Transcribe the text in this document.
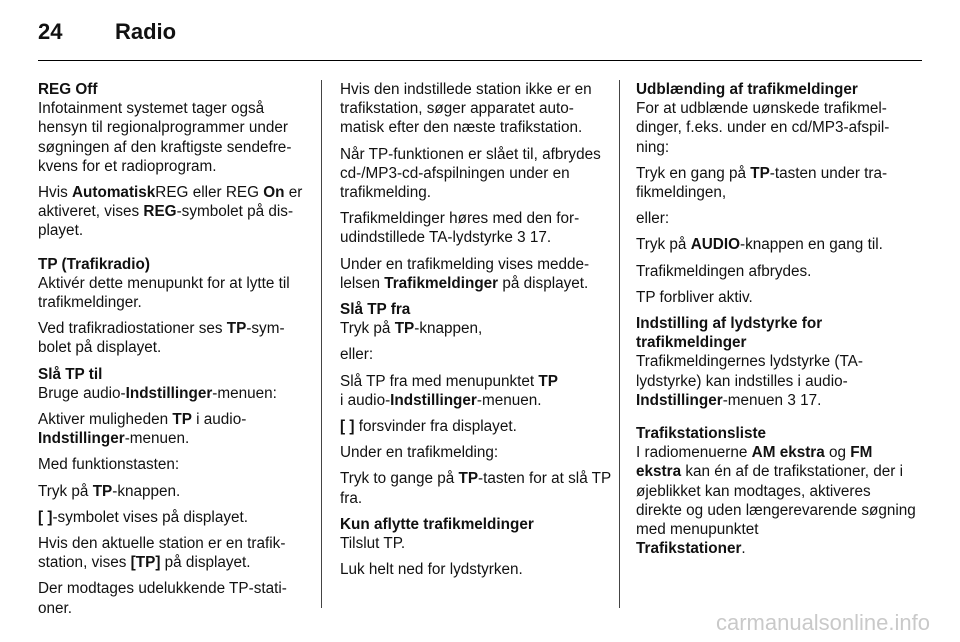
24 Radio
REG Off

Infotainment systemet tager også hensyn til regionalprogrammer under søgningen af den kraftigste sendefrekvens for et radioprogram.

Hvis AutomatiskREG eller REG On er aktiveret, vises REG-symbolet på displayet.

TP (Trafikradio)

Aktivér dette menupunkt for at lytte til trafikmeldinger.

Ved trafikradiostationer ses TP-symbolet på displayet.

Slå TP til

Bruge audio-Indstillinger-menuen:

Aktiver muligheden TP i audio-
Indstillinger-menuen.

Med funktionstasten:

Tryk på TP-knappen.

[ ]-symbolet vises på displayet.

Hvis den aktuelle station er en trafikstation, vises [TP] på displayet.

Der modtages udelukkende TP-stationer.

Hvis den indstillede station ikke er en trafikstation, søger apparatet automatisk efter den næste trafikstation.

Når TP-funktionen er slået til, afbrydes cd-/MP3-cd-afspilningen under en trafikmelding.

Trafikmeldinger høres med den forudindstillede TA-lydstyrke 3 17.

Under en trafikmelding vises meddelelsen Trafikmeldinger på displayet.

Slå TP fra

Tryk på TP-knappen,

eller:

Slå TP fra med menupunktet TP
i audio-Indstillinger-menuen.

[ ] forsvinder fra displayet.

Under en trafikmelding:

Tryk to gange på TP-tasten for at slå TP fra.

Kun aflytte trafikmeldinger

Tilslut TP.

Luk helt ned for lydstyrken.

Udblænding af trafikmeldinger

For at udblænde uønskede trafikmeldinger, f.eks. under en cd/MP3-afspilning:

Tryk en gang på TP-tasten under trafikmeldingen,

eller:

Tryk på AUDIO-knappen en gang til.

Trafikmeldingen afbrydes.

TP forbliver aktiv.

Indstilling af lydstyrke for trafikmeldinger

Trafikmeldingernes lydstyrke (TA-lydstyrke) kan indstilles i audio-Indstillinger-menuen 3 17.

Trafikstationsliste

I radiomenuerne AM ekstra og FM ekstra kan én af de trafikstationer, der i øjeblikket kan modtages, aktiveres direkte og uden længerevarende søgning med menupunktet

Trafikstationer.

carmanualsonline.info
